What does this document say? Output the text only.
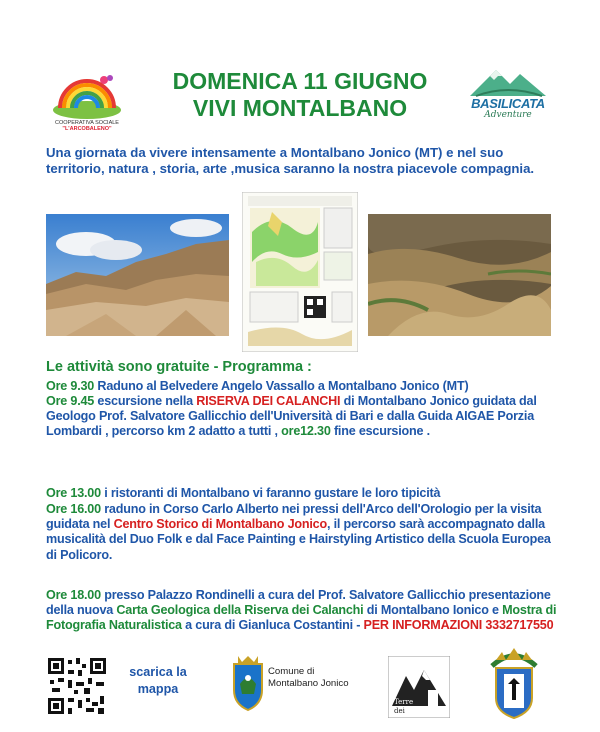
COOPERATIVA SOCIALE
"L'ARCOBALENO"
DOMENICA 11 GIUGNO
VIVI MONTALBANO	BASILICATA
Adventure
Una giornata da vivere intensamente a Montalbano Jonico (MT) e nel suo territorio, natura , storia, arte ,musica saranno la nostra piacevole compagnia.
Le attività sono gratuite - Programma :
Ore 9.30 Raduno al Belvedere Angelo Vassallo a Montalbano Jonico (MT)
Ore 9.45 escursione nella RISERVA DEI CALANCHI di Montalbano Jonico guidata dal Geologo Prof. Salvatore Gallicchio dell'Università di Bari e dalla Guida AIGAE Porzia Lombardi , percorso km 2 adatto a tutti , ore12.30 fine escursione .
Ore 13.00 i ristoranti di Montalbano vi faranno gustare le loro tipicità
Ore 16.00 raduno in Corso Carlo Alberto nei pressi dell'Arco dell'Orologio per la visita guidata nel Centro Storico di Montalbano Jonico, il percorso sarà accompagnato dalla musicalità del Duo Folk e dal Face Painting e Hairstyling Artistico della Scuola Europea di Policoro.
Ore 18.00 presso Palazzo Rondinelli a cura del Prof. Salvatore Gallicchio presentazione della nuova Carta Geologica della Riserva dei Calanchi di Montalbano Ionico e Mostra di Fotografia Naturalistica a cura di Gianluca Costantini - PER INFORMAZIONI 3332717550
scarica la mappa
Comune di
Montalbano Jonico
Terre
dei
